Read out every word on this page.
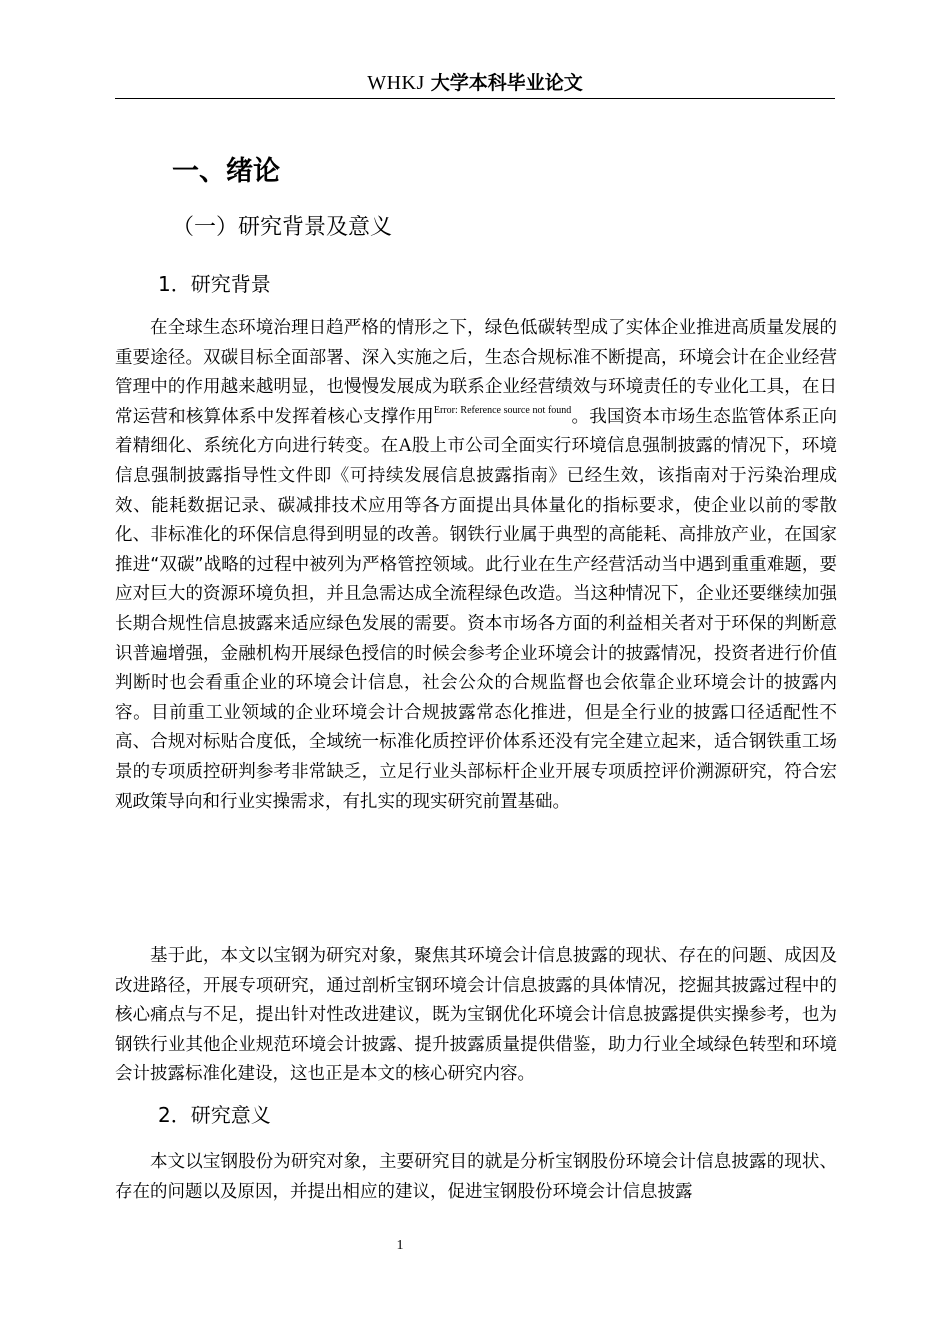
WHKJ 大学本科毕业论文
一、绪论
（一）研究背景及意义
1．研究背景

在全球生态环境治理日趋严格的情形之下，绿色低碳转型成了实体企业推进高质量发展的重要途径。双碳目标全面部署、深入实施之后，生态合规标准不断提高，环境会计在企业经营管理中的作用越来越明显，也慢慢发展成为联系企业经营绩效与环境责任的专业化工具，在日常运营和核算体系中发挥着核心支撑作用$^{Error: Reference source not found}$。我国资本市场生态监管体系正向着精细化、系统化方向进行转变。在A股上市公司全面实行环境信息强制披露的情况下，环境信息强制披露指导性文件即《可持续发展信息披露指南》已经生效，该指南对于污染治理成效、能耗数据记录、碳减排技术应用等各方面提出具体量化的指标要求，使企业以前的零散化、非标准化的环保信息得到明显的改善。钢铁行业属于典型的高能耗、高排放产业，在国家推进“双碳”战略的过程中被列为严格管控领域。此行业在生产经营活动当中遇到重重难题，要应对巨大的资源环境负担，并且急需达成全流程绿色改造。当这种情况下，企业还要继续加强长期合规性信息披露来适应绿色发展的需要。资本市场各方面的利益相关者对于环保的判断意识普遍增强，金融机构开展绿色授信的时候会参考企业环境会计的披露情况，投资者进行价值判断时也会看重企业的环境会计信息，社会公众的合规监督也会依靠企业环境会计的披露内容。目前重工业领域的企业环境会计合规披露常态化推进，但是全行业的披露口径适配性不高、合规对标贴合度低，全域统一标准化质控评价体系还没有完全建立起来，适合钢铁重工场景的专项质控研判参考非常缺乏，立足行业头部标杆企业开展专项质控评价溯源研究，符合宏观政策导向和行业实操需求，有扎实的现实研究前置基础。

基于此，本文以宝钢为研究对象，聚焦其环境会计信息披露的现状、存在的问题、成因及改进路径，开展专项研究，通过剖析宝钢环境会计信息披露的具体情况，挖掘其披露过程中的核心痛点与不足，提出针对性改进建议，既为宝钢优化环境会计信息披露提供实操参考，也为钢铁行业其他企业规范环境会计披露、提升披露质量提供借鉴，助力行业全域绿色转型和环境会计披露标准化建设，这也正是本文的核心研究内容。

2．研究意义

本文以宝钢股份为研究对象，主要研究目的就是分析宝钢股份环境会计信息披露的现状、存在的问题以及原因，并提出相应的建议，促进宝钢股份环境会计信息披露

1
